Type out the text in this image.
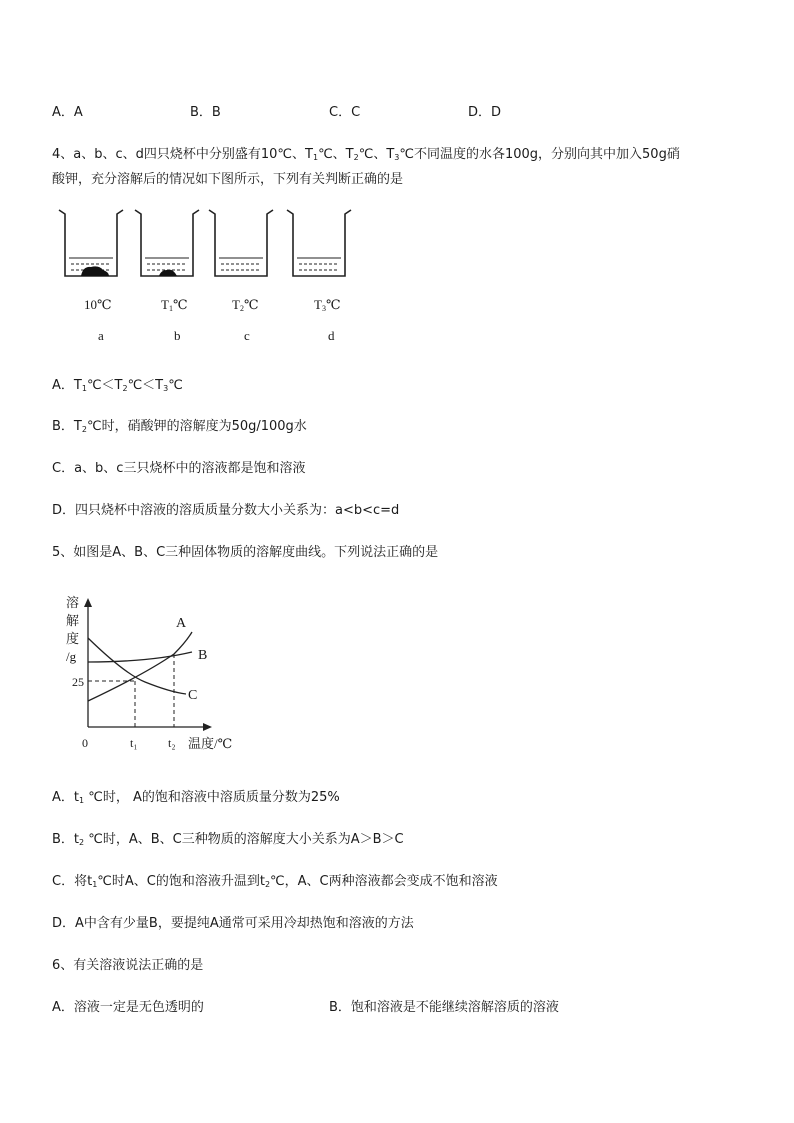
A．A	B．B	C．C	D．D
4、a、b、c、d四只烧杯中分别盛有10℃、$T_1℃$、$T_2℃$、$T_3℃$不同温度的水各100g，分别向其中加入50g硝
酸钾，充分溶解后的情况如下图所示，下列有关判断正确的是
10℃	$T_1℃$	$T_2℃$	$T_3℃$
a	b	c	d
A．$T_1℃<T_2℃<T_3℃$
B．$T_2℃$时，硝酸钾的溶解度为50g/100g水
C．a、b、c三只烧杯中的溶液都是饱和溶液
D．四只烧杯中溶液的溶质质量分数大小关系为：a<b<c=d
5、如图是A、B、C三种固体物质的溶解度曲线。下列说法正确的是
溶
解
度
/g
A
B
C
25
0	t₁	t₂ 温度/℃
A．$t_1$ ℃时， A的饱和溶液中溶质质量分数为25%
B．$t_2$ ℃时，A、B、C三种物质的溶解度大小关系为A＞B＞C
C．将$t_1℃$时A、C的饱和溶液升温到$t_2℃$，A、C两种溶液都会变成不饱和溶液
D．A中含有少量B，要提纯A通常可采用冷却热饱和溶液的方法
6、有关溶液说法正确的是
A．溶液一定是无色透明的	B．饱和溶液是不能继续溶解溶质的溶液
